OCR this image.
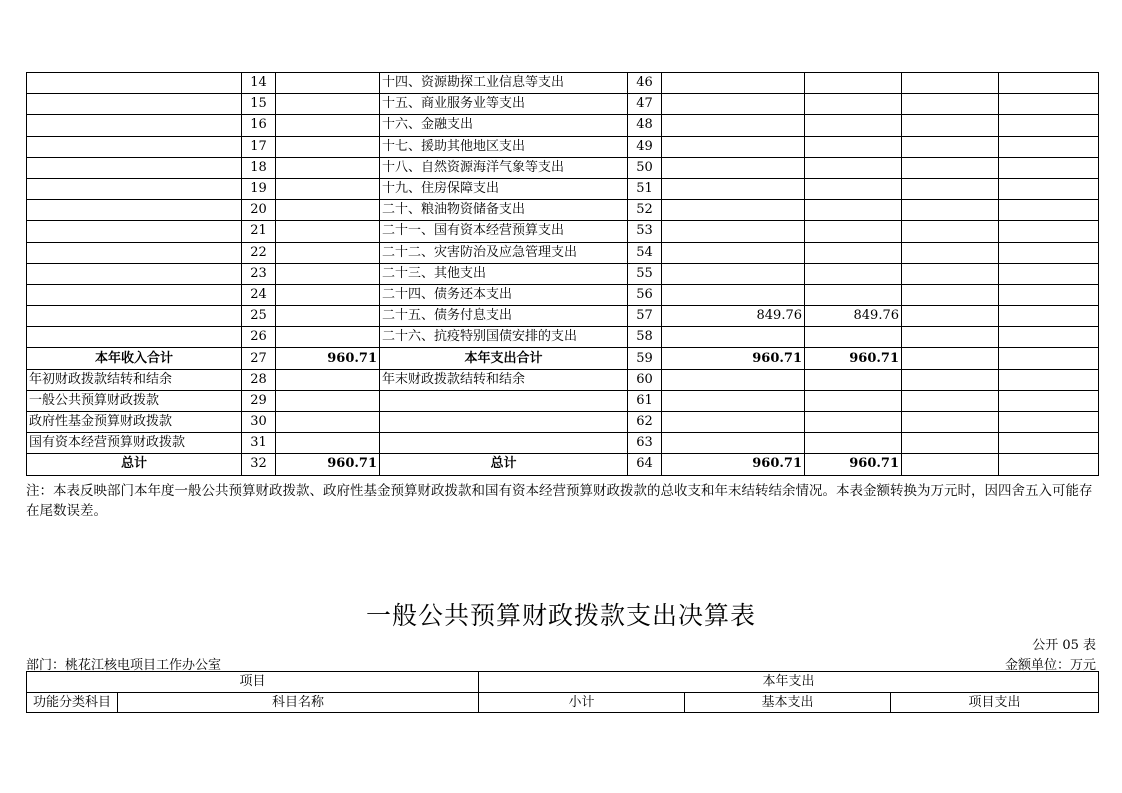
	14		十四、资源勘探工业信息等支出	46				
	15		十五、商业服务业等支出	47				
	16		十六、金融支出	48				
	17		十七、援助其他地区支出	49				
	18		十八、自然资源海洋气象等支出	50				
	19		十九、住房保障支出	51				
	20		二十、粮油物资储备支出	52				
	21		二十一、国有资本经营预算支出	53				
	22		二十二、灾害防治及应急管理支出	54				
	23		二十三、其他支出	55				
	24		二十四、债务还本支出	56				
	25		二十五、债务付息支出	57	849.76	849.76		
	26		二十六、抗疫特别国债安排的支出	58				
本年收入合计	27	960.71	本年支出合计	59	960.71	960.71		
年初财政拨款结转和结余	28		年末财政拨款结转和结余	60				
一般公共预算财政拨款	29			61				
政府性基金预算财政拨款	30			62				
国有资本经营预算财政拨款	31			63				
总计	32	960.71	总计	64	960.71	960.71		

注：本表反映部门本年度一般公共预算财政拨款、政府性基金预算财政拨款和国有资本经营预算财政拨款的总收支和年末结转结余情况。本表金额转换为万元时，因四舍五入可能存在尾数误差。

一般公共预算财政拨款支出决算表
公开 05 表
部门：桃花江核电项目工作办公室	金额单位：万元
项目		本年支出		
功能分类科目	科目名称	小计	基本支出	项目支出
